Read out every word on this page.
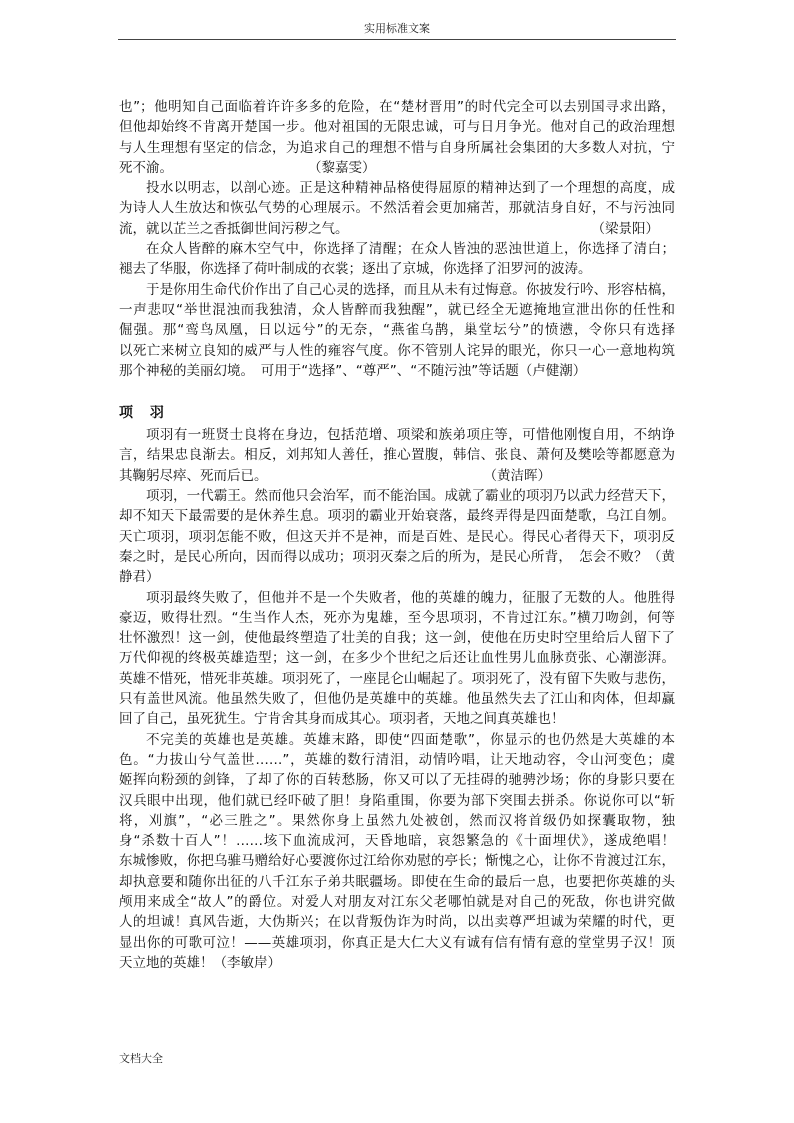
实用标准文案
也”；他明知自己面临着许许多多的危险，在“楚材晋用”的时代完全可以去别国寻求出路，
但他却始终不肯离开楚国一步。他对祖国的无限忠诚，可与日月争光。他对自己的政治理想
与人生理想有坚定的信念，为追求自己的理想不惜与自身所属社会集团的大多数人对抗，宁
死不渝。　　　　　　　　　　　（黎嘉雯）
投水以明志，以剖心迹。正是这种精神品格使得屈原的精神达到了一个理想的高度，成
为诗人人生放达和恢弘气势的心理展示。不然活着会更加痛苦，那就洁身自好，不与污浊同
流，就以芷兰之香抵御世间污秽之气。　　　　　　　　　　　　　　　　　　　（梁景阳）
在众人皆醉的麻木空气中，你选择了清醒；在众人皆浊的恶浊世道上，你选择了清白；
褪去了华服，你选择了荷叶制成的衣裳；逐出了京城，你选择了汨罗河的波涛。
于是你用生命代价作出了自己心灵的选择，而且从未有过悔意。你披发行吟、形容枯槁，
一声悲叹“举世混浊而我独清，众人皆醉而我独醒”，就已经全无遮掩地宣泄出你的任性和
倔强。那“鸾鸟凤凰，日以远兮”的无奈，“燕雀乌鹊，巢堂坛兮”的愤懑，令你只有选择
以死亡来树立良知的威严与人性的雍容气度。你不管别人诧异的眼光，你只一心一意地构筑
那个神秘的美丽幻境。　可用于“选择”、“尊严”、“不随污浊”等话题（卢健潮）
项 羽
项羽有一班贤士良将在身边，包括范增、项梁和族弟项庄等，可惜他刚愎自用，不纳诤
言，结果忠良渐去。相反，刘邦知人善任，推心置腹，韩信、张良、萧何及樊哙等都愿意为
其鞠躬尽瘁、死而后已。　　　　　　　　　　　　　　　　　（黄洁晖）
项羽，一代霸王。然而他只会治军，而不能治国。成就了霸业的项羽乃以武力经营天下，
却不知天下最需要的是休养生息。项羽的霸业开始衰落，最终弄得是四面楚歌，乌江自刎。
天亡项羽，项羽怎能不败，但这天并不是神，而是百姓、是民心。得民心者得天下，项羽反
秦之时，是民心所向，因而得以成功；项羽灭秦之后的所为，是民心所背，　怎会不败？（黄
静君）
项羽最终失败了，但他并不是一个失败者，他的英雄的魄力，征服了无数的人。他胜得
豪迈，败得壮烈。“生当作人杰，死亦为鬼雄，至今思项羽，不肯过江东。”横刀吻剑，何等
壮怀激烈！这一剑，使他最终塑造了壮美的自我；这一剑，使他在历史时空里给后人留下了
万代仰视的终极英雄造型；这一剑，在多少个世纪之后还让血性男儿血脉贲张、心潮澎湃。
英雄不惜死，惜死非英雄。项羽死了，一座昆仑山崛起了。项羽死了，没有留下失败与悲伤，
只有盖世风流。他虽然失败了，但他仍是英雄中的英雄。他虽然失去了江山和肉体，但却赢
回了自己，虽死犹生。宁肯舍其身而成其心。项羽者，天地之间真英雄也！
不完美的英雄也是英雄。英雄末路，即使“四面楚歌”，你显示的也仍然是大英雄的本
色。“力拔山兮气盖世……”，英雄的数行清泪，动情吟唱，让天地动容，令山河变色；虞
姬挥向粉颈的剑锋，了却了你的百转愁肠，你又可以了无挂碍的驰骋沙场；你的身影只要在
汉兵眼中出现，他们就已经吓破了胆！身陷重围，你要为部下突围去拼杀。你说你可以“斩
将，刈旗”，“必三胜之”。果然你身上虽然九处被创，然而汉将首级仍如探囊取物，独
身“杀数十百人”！……垓下血流成河，天昏地暗，哀怨繁急的《十面埋伏》，遂成绝唱！
东城惨败，你把乌骓马赠给好心要渡你过江给你劝慰的亭长；惭愧之心，让你不肯渡过江东，
却执意要和随你出征的八千江东子弟共眠疆场。即使在生命的最后一息，也要把你英雄的头
颅用来成全“故人”的爵位。对爱人对朋友对江东父老哪怕就是对自己的死敌，你也讲究做
人的坦诚！真风告逝，大伪斯兴；在以背叛伪诈为时尚，以出卖尊严坦诚为荣耀的时代，更
显出你的可歌可泣！——英雄项羽，你真正是大仁大义有诚有信有情有意的堂堂男子汉！顶
天立地的英雄！（李敏岸）
文档大全
